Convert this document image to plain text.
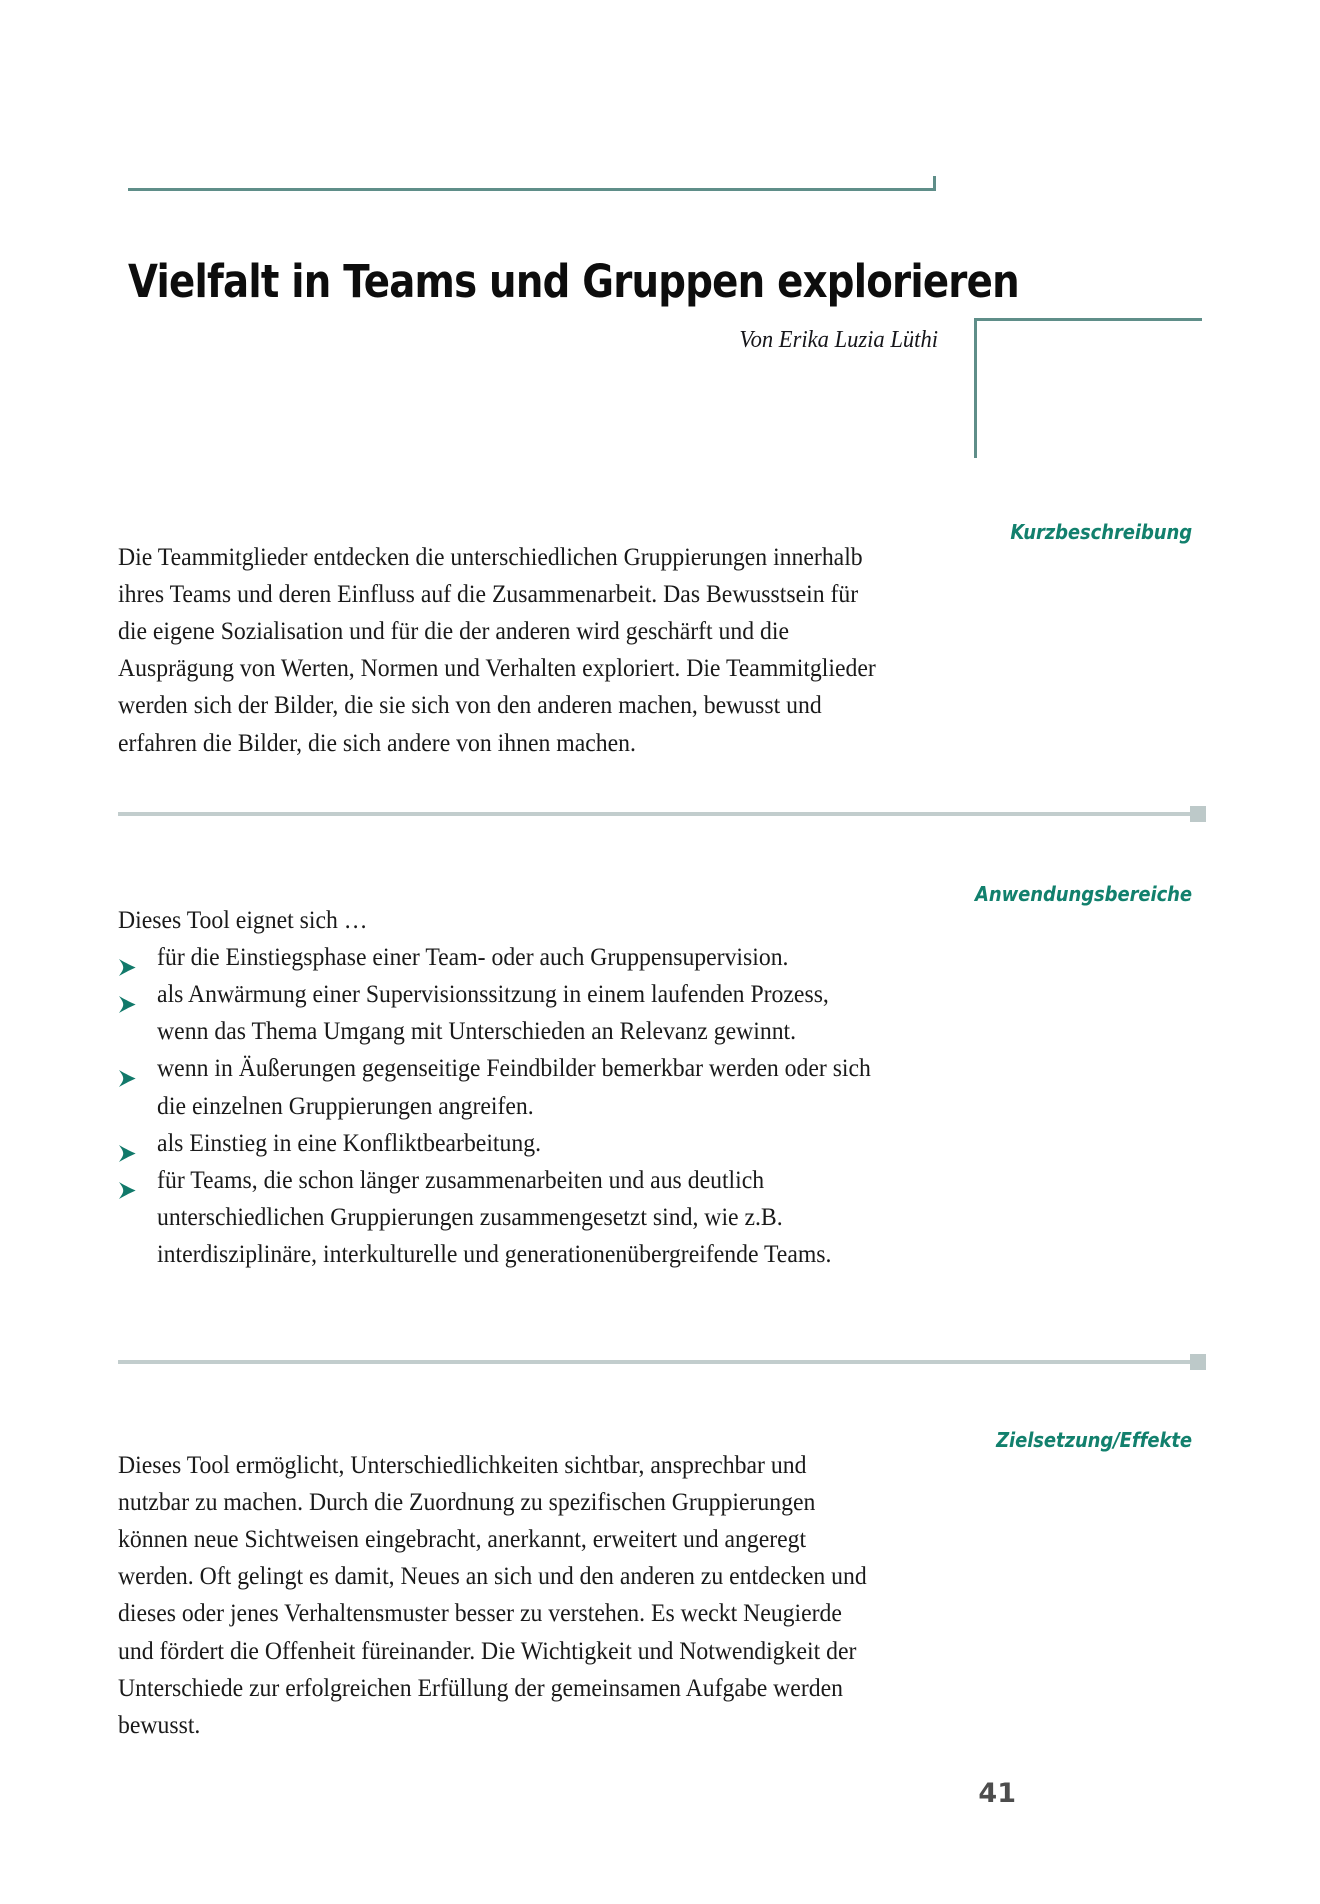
Vielfalt in Teams und Gruppen explorieren
Von Erika Luzia Lüthi
Kurzbeschreibung

Die Teammitglieder entdecken die unterschiedlichen Gruppierungen innerhalb ihres Teams und deren Einfluss auf die Zusammenarbeit. Das Bewusstsein für die eigene Sozialisation und für die der anderen wird geschärft und die Ausprägung von Werten, Normen und Verhalten exploriert. Die Teammitglieder werden sich der Bilder, die sie sich von den anderen machen, bewusst und erfahren die Bilder, die sich andere von ihnen machen.

Anwendungsbereiche

Dieses Tool eignet sich …

für die Einstiegsphase einer Team- oder auch Gruppensupervision.
als Anwärmung einer Supervisionssitzung in einem laufenden Prozess, wenn das Thema Umgang mit Unterschieden an Relevanz gewinnt.
wenn in Äußerungen gegenseitige Feindbilder bemerkbar werden oder sich die einzelnen Gruppierungen angreifen.
als Einstieg in eine Konfliktbearbeitung.
für Teams, die schon länger zusammenarbeiten und aus deutlich unterschiedlichen Gruppierungen zusammengesetzt sind, wie z.B. interdisziplinäre, interkulturelle und generationenübergreifende Teams.
Zielsetzung/Effekte

Dieses Tool ermöglicht, Unterschiedlichkeiten sichtbar, ansprechbar und nutzbar zu machen. Durch die Zuordnung zu spezifischen Gruppierungen können neue Sichtweisen eingebracht, anerkannt, erweitert und angeregt werden. Oft gelingt es damit, Neues an sich und den anderen zu entdecken und dieses oder jenes Verhaltensmuster besser zu verstehen. Es weckt Neugierde und fördert die Offenheit füreinander. Die Wichtigkeit und Notwendigkeit der Unterschiede zur erfolgreichen Erfüllung der gemeinsamen Aufgabe werden bewusst.

41
